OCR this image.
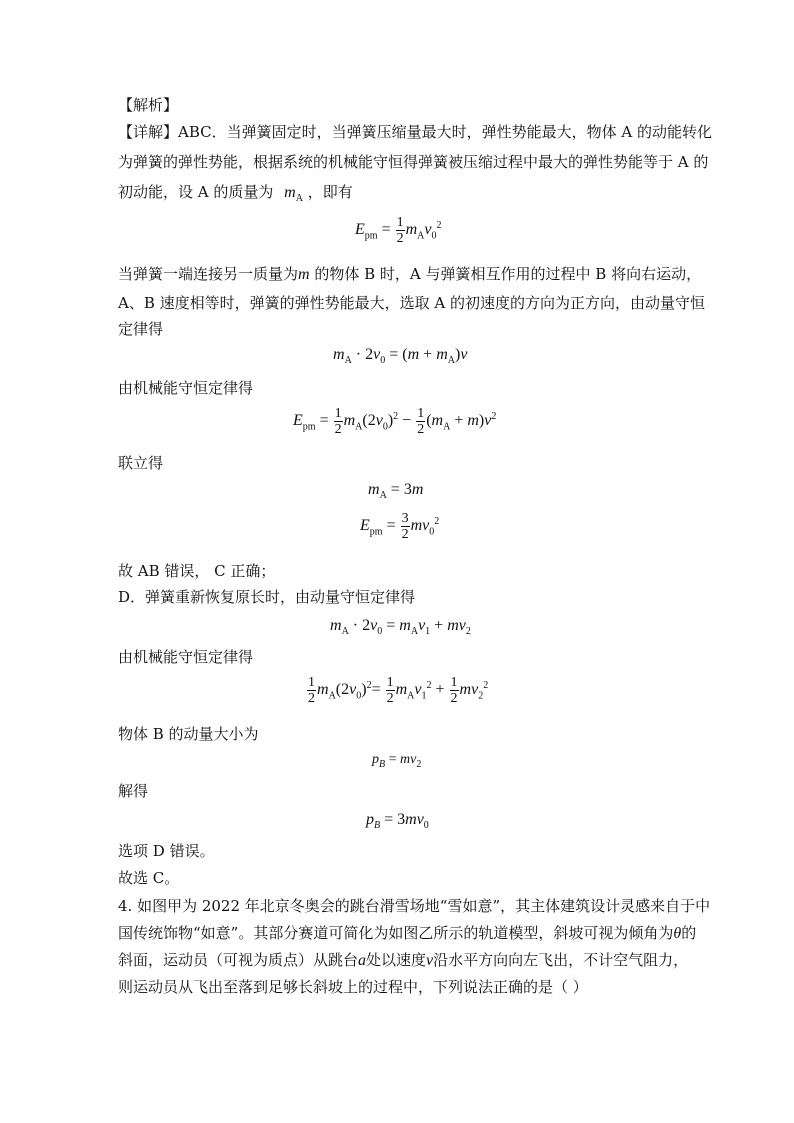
【解析】
【详解】ABC．当弹簧固定时，当弹簧压缩量最大时，弹性势能最大，物体 A 的动能转化
为弹簧的弹性势能，根据系统的机械能守恒得弹簧被压缩过程中最大的弹性势能等于 A 的
初动能，设 A 的质量为 $m_A$ ，即有
$E_{pm} = \frac{1}{2} m_Av_0^2$
当弹簧一端连接另一质量为m 的物体 B 时，A 与弹簧相互作用的过程中 B 将向右运动，
A、B 速度相等时，弹簧的弹性势能最大，选取 A 的初速度的方向为正方向，由动量守恒
定律得
$m_A \cdot 2v_0 = (m + m_A)v$
由机械能守恒定律得
$E_{pm} = \frac{1}{2} m_A(2v_0)^2 - \frac{1}{2} (m_A + m)v^2$
联立得
$m_A = 3m$
$E_{pm} = \frac{3}{2} mv_0^2$
故 AB 错误， C 正确；
D．弹簧重新恢复原长时，由动量守恒定律得
$m_A \cdot 2v_0 = m_Av_1 + mv_2$
由机械能守恒定律得
$\frac{1}{2} m_A(2v_0)^2= \frac{1}{2} m_Av_1^2 + \frac{1}{2} mv_2^2$
物体 B 的动量大小为
$p_B = mv_2$
解得
$p_B = 3mv_0$
选项 D 错误。
故选 C。
4. 如图甲为 2022 年北京冬奥会的跳台滑雪场地“雪如意”，其主体建筑设计灵感来自于中
国传统饰物“如意”。其部分赛道可简化为如图乙所示的轨道模型，斜坡可视为倾角为θ的
斜面，运动员（可视为质点）从跳台a处以速度v沿水平方向向左飞出，不计空气阻力，
则运动员从飞出至落到足够长斜坡上的过程中，下列说法正确的是（ ）
